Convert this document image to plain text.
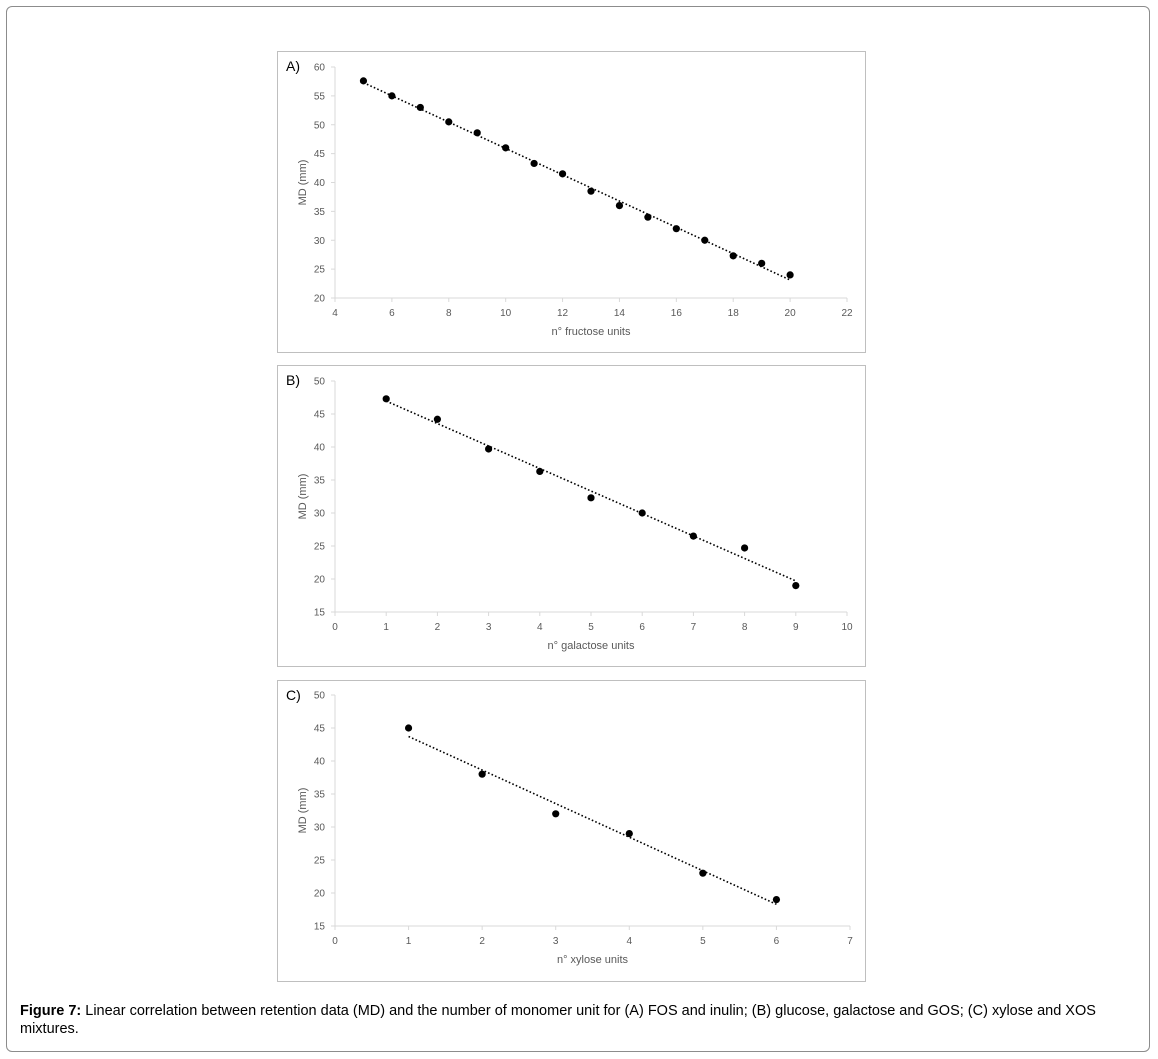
A)
20
25
30
35
40
45
50
55
60
4	6	8	10	12	14	16	18	20	22
n° fructose units
MD (mm)
B)
15
20
25
30
35
40
45
50
0	1	2	3	4	5	6	7	8	9	10
n° galactose units
MD (mm)
C)
15
20
25
30
35
40
45
50
0	1	2	3	4	5	6	7
n° xylose units
MD (mm)
Figure 7: Linear correlation between retention data (MD) and the number of monomer unit for (A) FOS and inulin; (B) glucose, galactose and GOS; (C) xylose and XOS mixtures.
